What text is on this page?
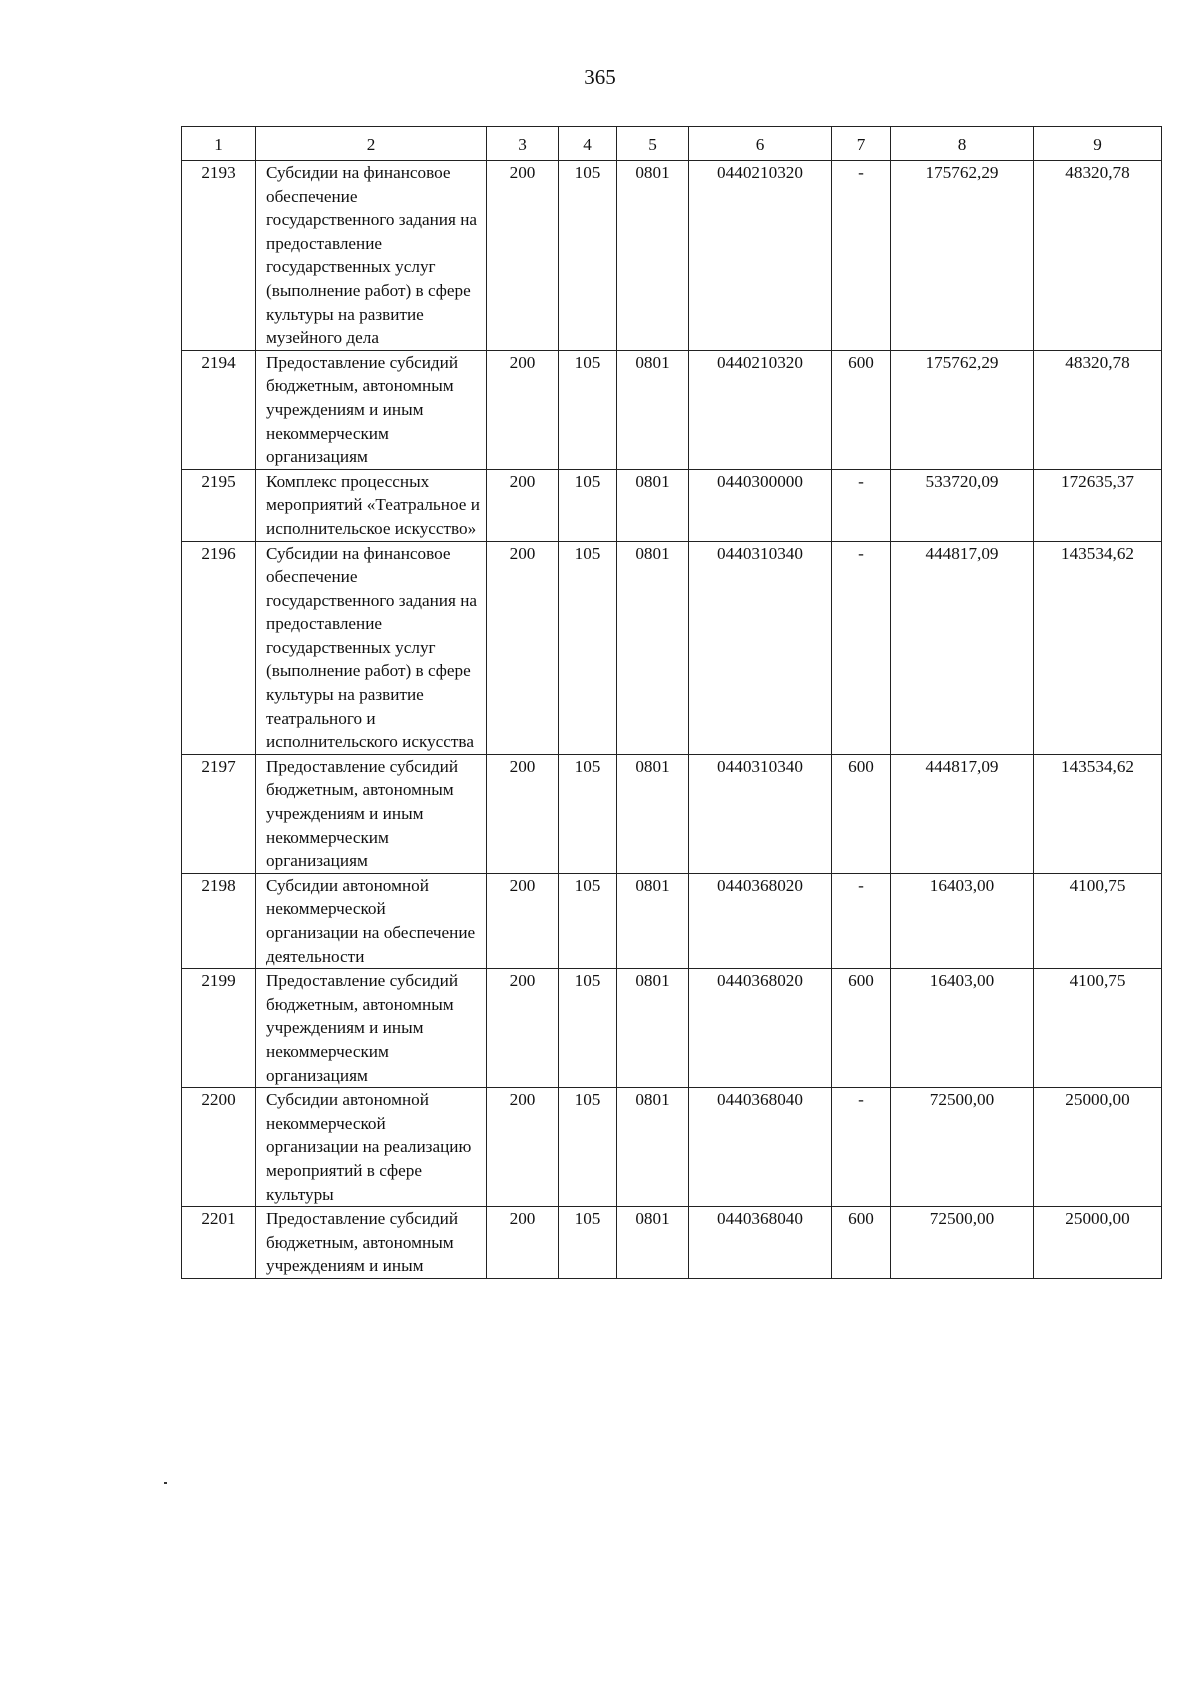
365
1	2	3	4	5	6	7	8	9
2193	Субсидии на финансовое обеспечение государственного задания на предоставление государственных услуг (выполнение работ) в сфере культуры на развитие музейного дела	200	105	0801	0440210320	-	175762,29	48320,78
2194	Предоставление субсидий бюджетным, автономным учреждениям и иным некоммерческим организациям	200	105	0801	0440210320	600	175762,29	48320,78
2195	Комплекс процессных мероприятий «Театральное и исполнительское искусство»	200	105	0801	0440300000	-	533720,09	172635,37
2196	Субсидии на финансовое обеспечение государственного задания на предоставление государственных услуг (выполнение работ) в сфере культуры на развитие театрального и исполнительского искусства	200	105	0801	0440310340	-	444817,09	143534,62
2197	Предоставление субсидий бюджетным, автономным учреждениям и иным некоммерческим организациям	200	105	0801	0440310340	600	444817,09	143534,62
2198	Субсидии автономной некоммерческой организации на обеспечение деятельности	200	105	0801	0440368020	-	16403,00	4100,75
2199	Предоставление субсидий бюджетным, автономным учреждениям и иным некоммерческим организациям	200	105	0801	0440368020	600	16403,00	4100,75
2200	Субсидии автономной некоммерческой организации на реализацию мероприятий в сфере культуры	200	105	0801	0440368040	-	72500,00	25000,00
2201	Предоставление субсидий бюджетным, автономным учреждениям и иным	200	105	0801	0440368040	600	72500,00	25000,00
